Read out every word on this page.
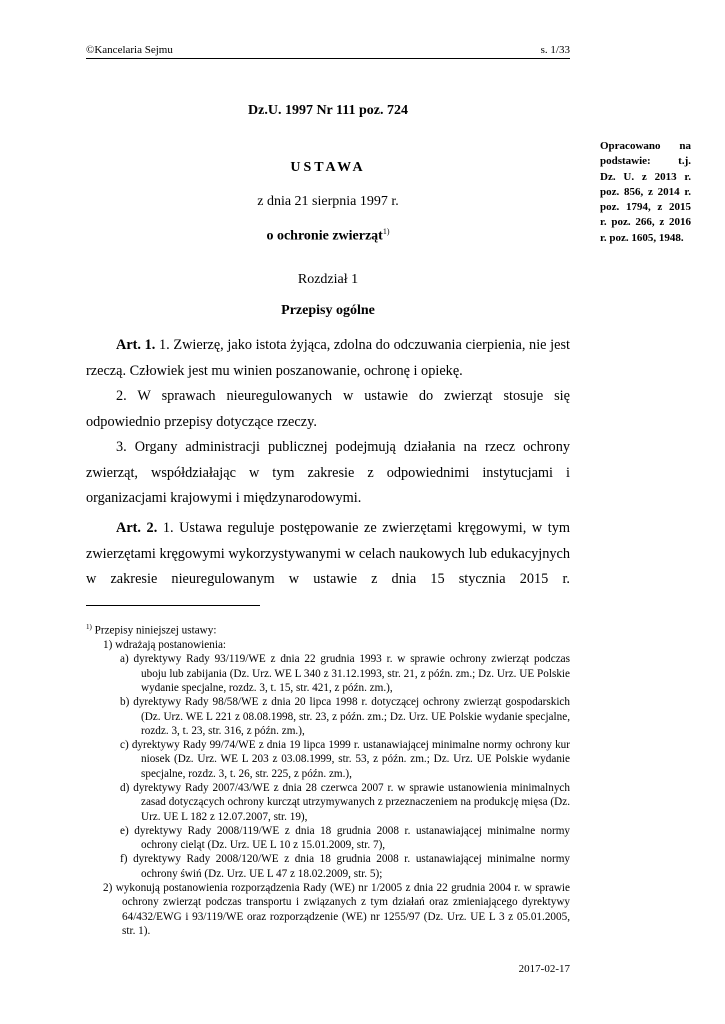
©Kancelaria Sejmu	s. 1/33
Dz.U. 1997 Nr 111 poz. 724
USTAWA
z dnia 21 sierpnia 1997 r.
o ochronie zwierząt$^{1)}$
Rozdział 1
Przepisy ogólne
Opracowano na
podstawie: t.j.
Dz. U. z 2013 r.
poz. 856, z 2014 r.
poz. 1794, z 2015
r. poz. 266, z 2016
r. poz. 1605, 1948.

Art. 1. 1. Zwierzę, jako istota żyjąca, zdolna do odczuwania cierpienia, nie jest rzeczą. Człowiek jest mu winien poszanowanie, ochronę i opiekę.

2. W sprawach nieuregulowanych w ustawie do zwierząt stosuje się odpowiednio przepisy dotyczące rzeczy.

3. Organy administracji publicznej podejmują działania na rzecz ochrony zwierząt, współdziałając w tym zakresie z odpowiednimi instytucjami i organizacjami krajowymi i międzynarodowymi.

Art. 2. 1. Ustawa reguluje postępowanie ze zwierzętami kręgowymi, w tym zwierzętami kręgowymi wykorzystywanymi w celach naukowych lub edukacyjnych w zakresie nieuregulowanym w ustawie z dnia 15 stycznia 2015 r.

$^{1)}$ Przepisy niniejszej ustawy:
1) wdrażają postanowienia:
a) dyrektywy Rady 93/119/WE z dnia 22 grudnia 1993 r. w sprawie ochrony zwierząt podczas uboju lub zabijania (Dz. Urz. WE L 340 z 31.12.1993, str. 21, z późn. zm.; Dz. Urz. UE Polskie wydanie specjalne, rozdz. 3, t. 15, str. 421, z późn. zm.),
b) dyrektywy Rady 98/58/WE z dnia 20 lipca 1998 r. dotyczącej ochrony zwierząt gospodarskich (Dz. Urz. WE L 221 z 08.08.1998, str. 23, z późn. zm.; Dz. Urz. UE Polskie wydanie specjalne, rozdz. 3, t. 23, str. 316, z późn. zm.),
c) dyrektywy Rady 99/74/WE z dnia 19 lipca 1999 r. ustanawiającej minimalne normy ochrony kur niosek (Dz. Urz. WE L 203 z 03.08.1999, str. 53, z późn. zm.; Dz. Urz. UE Polskie wydanie specjalne, rozdz. 3, t. 26, str. 225, z późn. zm.),
d) dyrektywy Rady 2007/43/WE z dnia 28 czerwca 2007 r. w sprawie ustanowienia minimalnych zasad dotyczących ochrony kurcząt utrzymywanych z przeznaczeniem na produkcję mięsa (Dz. Urz. UE L 182 z 12.07.2007, str. 19),
e) dyrektywy Rady 2008/119/WE z dnia 18 grudnia 2008 r. ustanawiającej minimalne normy ochrony cieląt (Dz. Urz. UE L 10 z 15.01.2009, str. 7),
f) dyrektywy Rady 2008/120/WE z dnia 18 grudnia 2008 r. ustanawiającej minimalne normy ochrony świń (Dz. Urz. UE L 47 z 18.02.2009, str. 5);
2) wykonują postanowienia rozporządzenia Rady (WE) nr 1/2005 z dnia 22 grudnia 2004 r. w sprawie ochrony zwierząt podczas transportu i związanych z tym działań oraz zmieniającego dyrektywy 64/432/EWG i 93/119/WE oraz rozporządzenie (WE) nr 1255/97 (Dz. Urz. UE L 3 z 05.01.2005, str. 1).
2017-02-17
